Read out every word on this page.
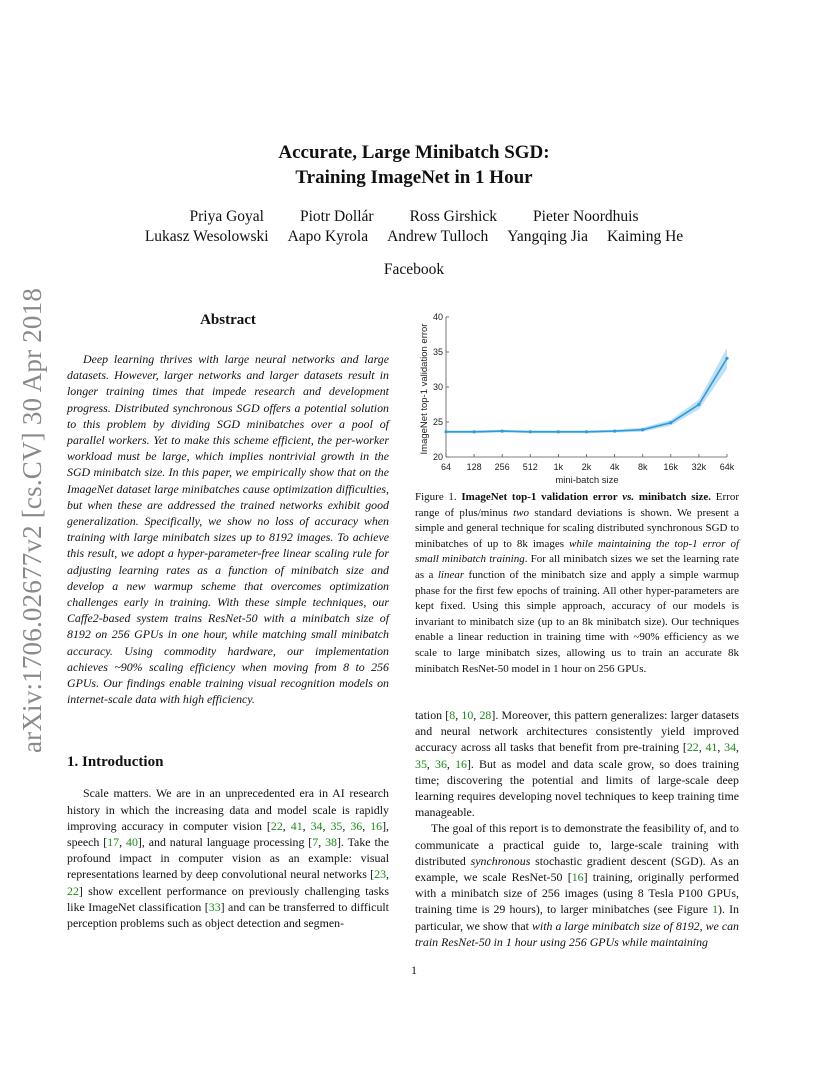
arXiv:1706.02677v2 [cs.CV] 30 Apr 2018
Accurate, Large Minibatch SGD:
Training ImageNet in 1 Hour
Priya Goyal Piotr Dollár Ross Girshick Pieter Noordhuis
Lukasz Wesolowski Aapo Kyrola Andrew Tulloch Yangqing Jia Kaiming He
Facebook
Abstract

Deep learning thrives with large neural networks and large datasets. However, larger networks and larger datasets result in longer training times that impede research and development progress. Distributed synchronous SGD offers a potential solution to this problem by dividing SGD minibatches over a pool of parallel workers. Yet to make this scheme efficient, the per-worker workload must be large, which implies nontrivial growth in the SGD minibatch size. In this paper, we empirically show that on the ImageNet dataset large minibatches cause optimization difficulties, but when these are addressed the trained networks exhibit good generalization. Specifically, we show no loss of accuracy when training with large minibatch sizes up to 8192 images. To achieve this result, we adopt a hyper-parameter-free linear scaling rule for adjusting learning rates as a function of minibatch size and develop a new warmup scheme that overcomes optimization challenges early in training. With these simple techniques, our Caffe2-based system trains ResNet-50 with a minibatch size of 8192 on 256 GPUs in one hour, while matching small minibatch accuracy. Using commodity hardware, our implementation achieves ~90% scaling efficiency when moving from 8 to 256 GPUs. Our findings enable training visual recognition models on internet-scale data with high efficiency.

1. Introduction

Scale matters. We are in an unprecedented era in AI research history in which the increasing data and model scale is rapidly improving accuracy in computer vision [22, 41, 34, 35, 36, 16], speech [17, 40], and natural language processing [7, 38]. Take the profound impact in computer vision as an example: visual representations learned by deep convolutional neural networks [23, 22] show excellent performance on previously challenging tasks like ImageNet classification [33] and can be transferred to difficult perception problems such as object detection and segmen-

ImageNet top-1 validation error
mini-batch size
20
25
30
35
40
64 128 256 512 1k 2k 4k 8k 16k 32k 64k
Figure 1. ImageNet top-1 validation error vs. minibatch size. Error range of plus/minus two standard deviations is shown. We present a simple and general technique for scaling distributed synchronous SGD to minibatches of up to 8k images while maintaining the top-1 error of small minibatch training. For all minibatch sizes we set the learning rate as a linear function of the minibatch size and apply a simple warmup phase for the first few epochs of training. All other hyper-parameters are kept fixed. Using this simple approach, accuracy of our models is invariant to minibatch size (up to an 8k minibatch size). Our techniques enable a linear reduction in training time with ~90% efficiency as we scale to large minibatch sizes, allowing us to train an accurate 8k minibatch ResNet-50 model in 1 hour on 256 GPUs.

tation [8, 10, 28]. Moreover, this pattern generalizes: larger datasets and neural network architectures consistently yield improved accuracy across all tasks that benefit from pre-training [22, 41, 34, 35, 36, 16]. But as model and data scale grow, so does training time; discovering the potential and limits of large-scale deep learning requires developing novel techniques to keep training time manageable.

The goal of this report is to demonstrate the feasibility of, and to communicate a practical guide to, large-scale training with distributed synchronous stochastic gradient descent (SGD). As an example, we scale ResNet-50 [16] training, originally performed with a minibatch size of 256 images (using 8 Tesla P100 GPUs, training time is 29 hours), to larger minibatches (see Figure 1). In particular, we show that with a large minibatch size of 8192, we can train ResNet-50 in 1 hour using 256 GPUs while maintaining

1
